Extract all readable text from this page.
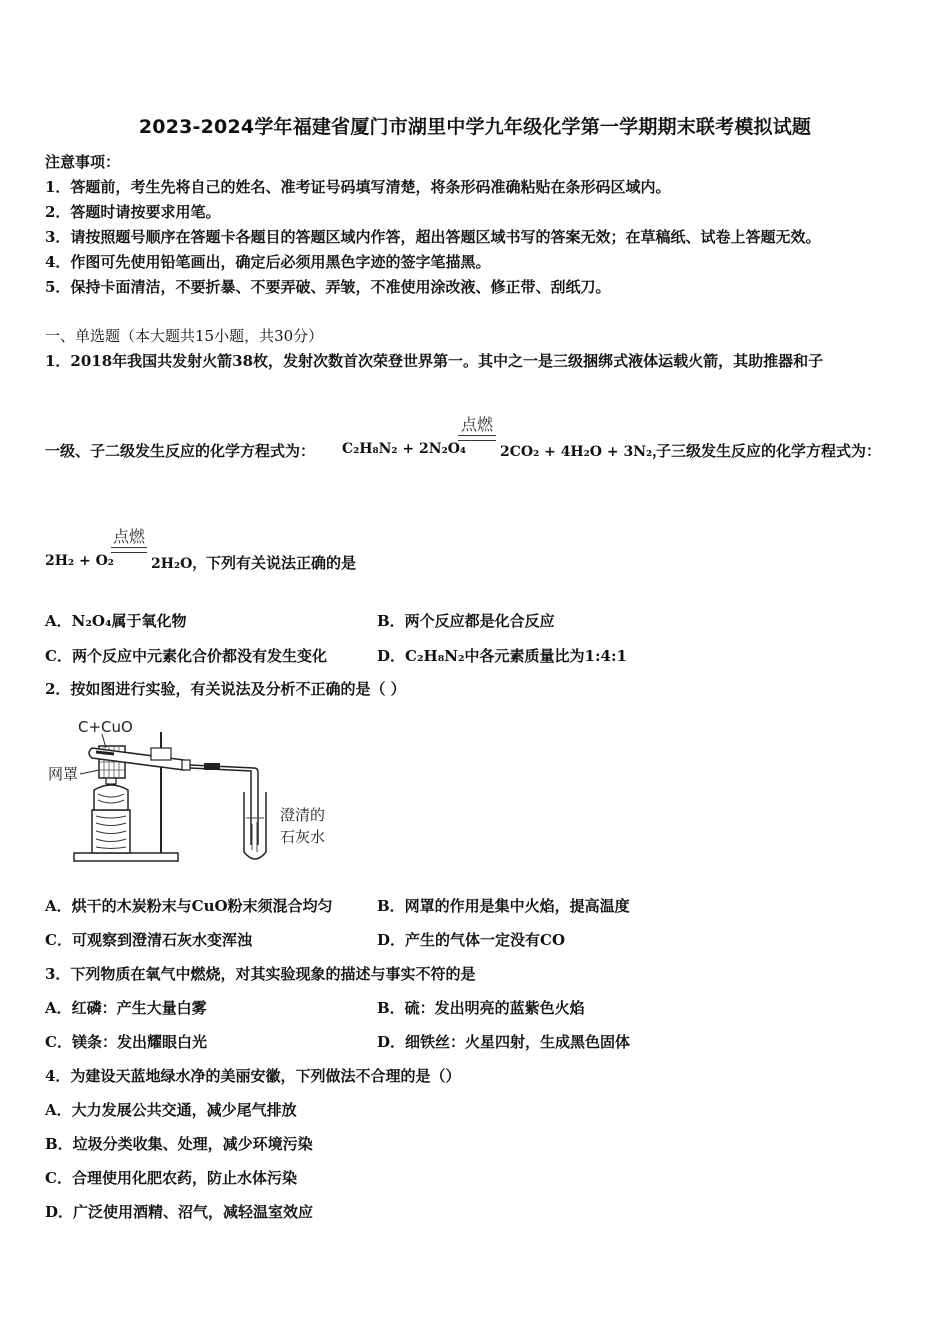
2023-2024学年福建省厦门市湖里中学九年级化学第一学期期末联考模拟试题
注意事项：
1．答题前，考生先将自己的姓名、准考证号码填写清楚，将条形码准确粘贴在条形码区域内。
2．答题时请按要求用笔。
3．请按照题号顺序在答题卡各题目的答题区域内作答，超出答题区域书写的答案无效；在草稿纸、试卷上答题无效。
4．作图可先使用铅笔画出，确定后必须用黑色字迹的签字笔描黑。
5．保持卡面清洁，不要折暴、不要弄破、弄皱，不准使用涂改液、修正带、刮纸刀。
一、单选题（本大题共15小题，共30分）
1．2018年我国共发射火箭38枚，发射次数首次荣登世界第一。其中之一是三级捆绑式液体运载火箭，其助推器和子
一级、子二级发生反应的化学方程式为： C₂H₈N₂ + 2N₂O₄
点燃
2CO₂ + 4H₂O + 3N₂，
子三级发生反应的化学方程式为：
2H₂ + O₂
点燃
2H₂O， 下列有关说法正确的是
A．N₂O₄属于氧化物	B．两个反应都是化合反应
C．两个反应中元素化合价都没有发生变化	D．C₂H₈N₂中各元素质量比为1:4:1
2．按如图进行实验，有关说法及分析不正确的是（ ）
C+CuO
网罩
澄清的
石灰水
A．烘干的木炭粉末与CuO粉末须混合均匀	B．网罩的作用是集中火焰，提高温度
C．可观察到澄清石灰水变浑浊	D．产生的气体一定没有CO
3．下列物质在氧气中燃烧，对其实验现象的描述与事实不符的是
A．红磷：产生大量白雾	B．硫：发出明亮的蓝紫色火焰
C．镁条：发出耀眼白光	D．细铁丝：火星四射，生成黑色固体
4．为建设天蓝地绿水净的美丽安徽，下列做法不合理的是（）
A．大力发展公共交通，减少尾气排放
B．垃圾分类收集、处理，减少环境污染
C．合理使用化肥农药，防止水体污染
D．广泛使用酒精、沼气，减轻温室效应
